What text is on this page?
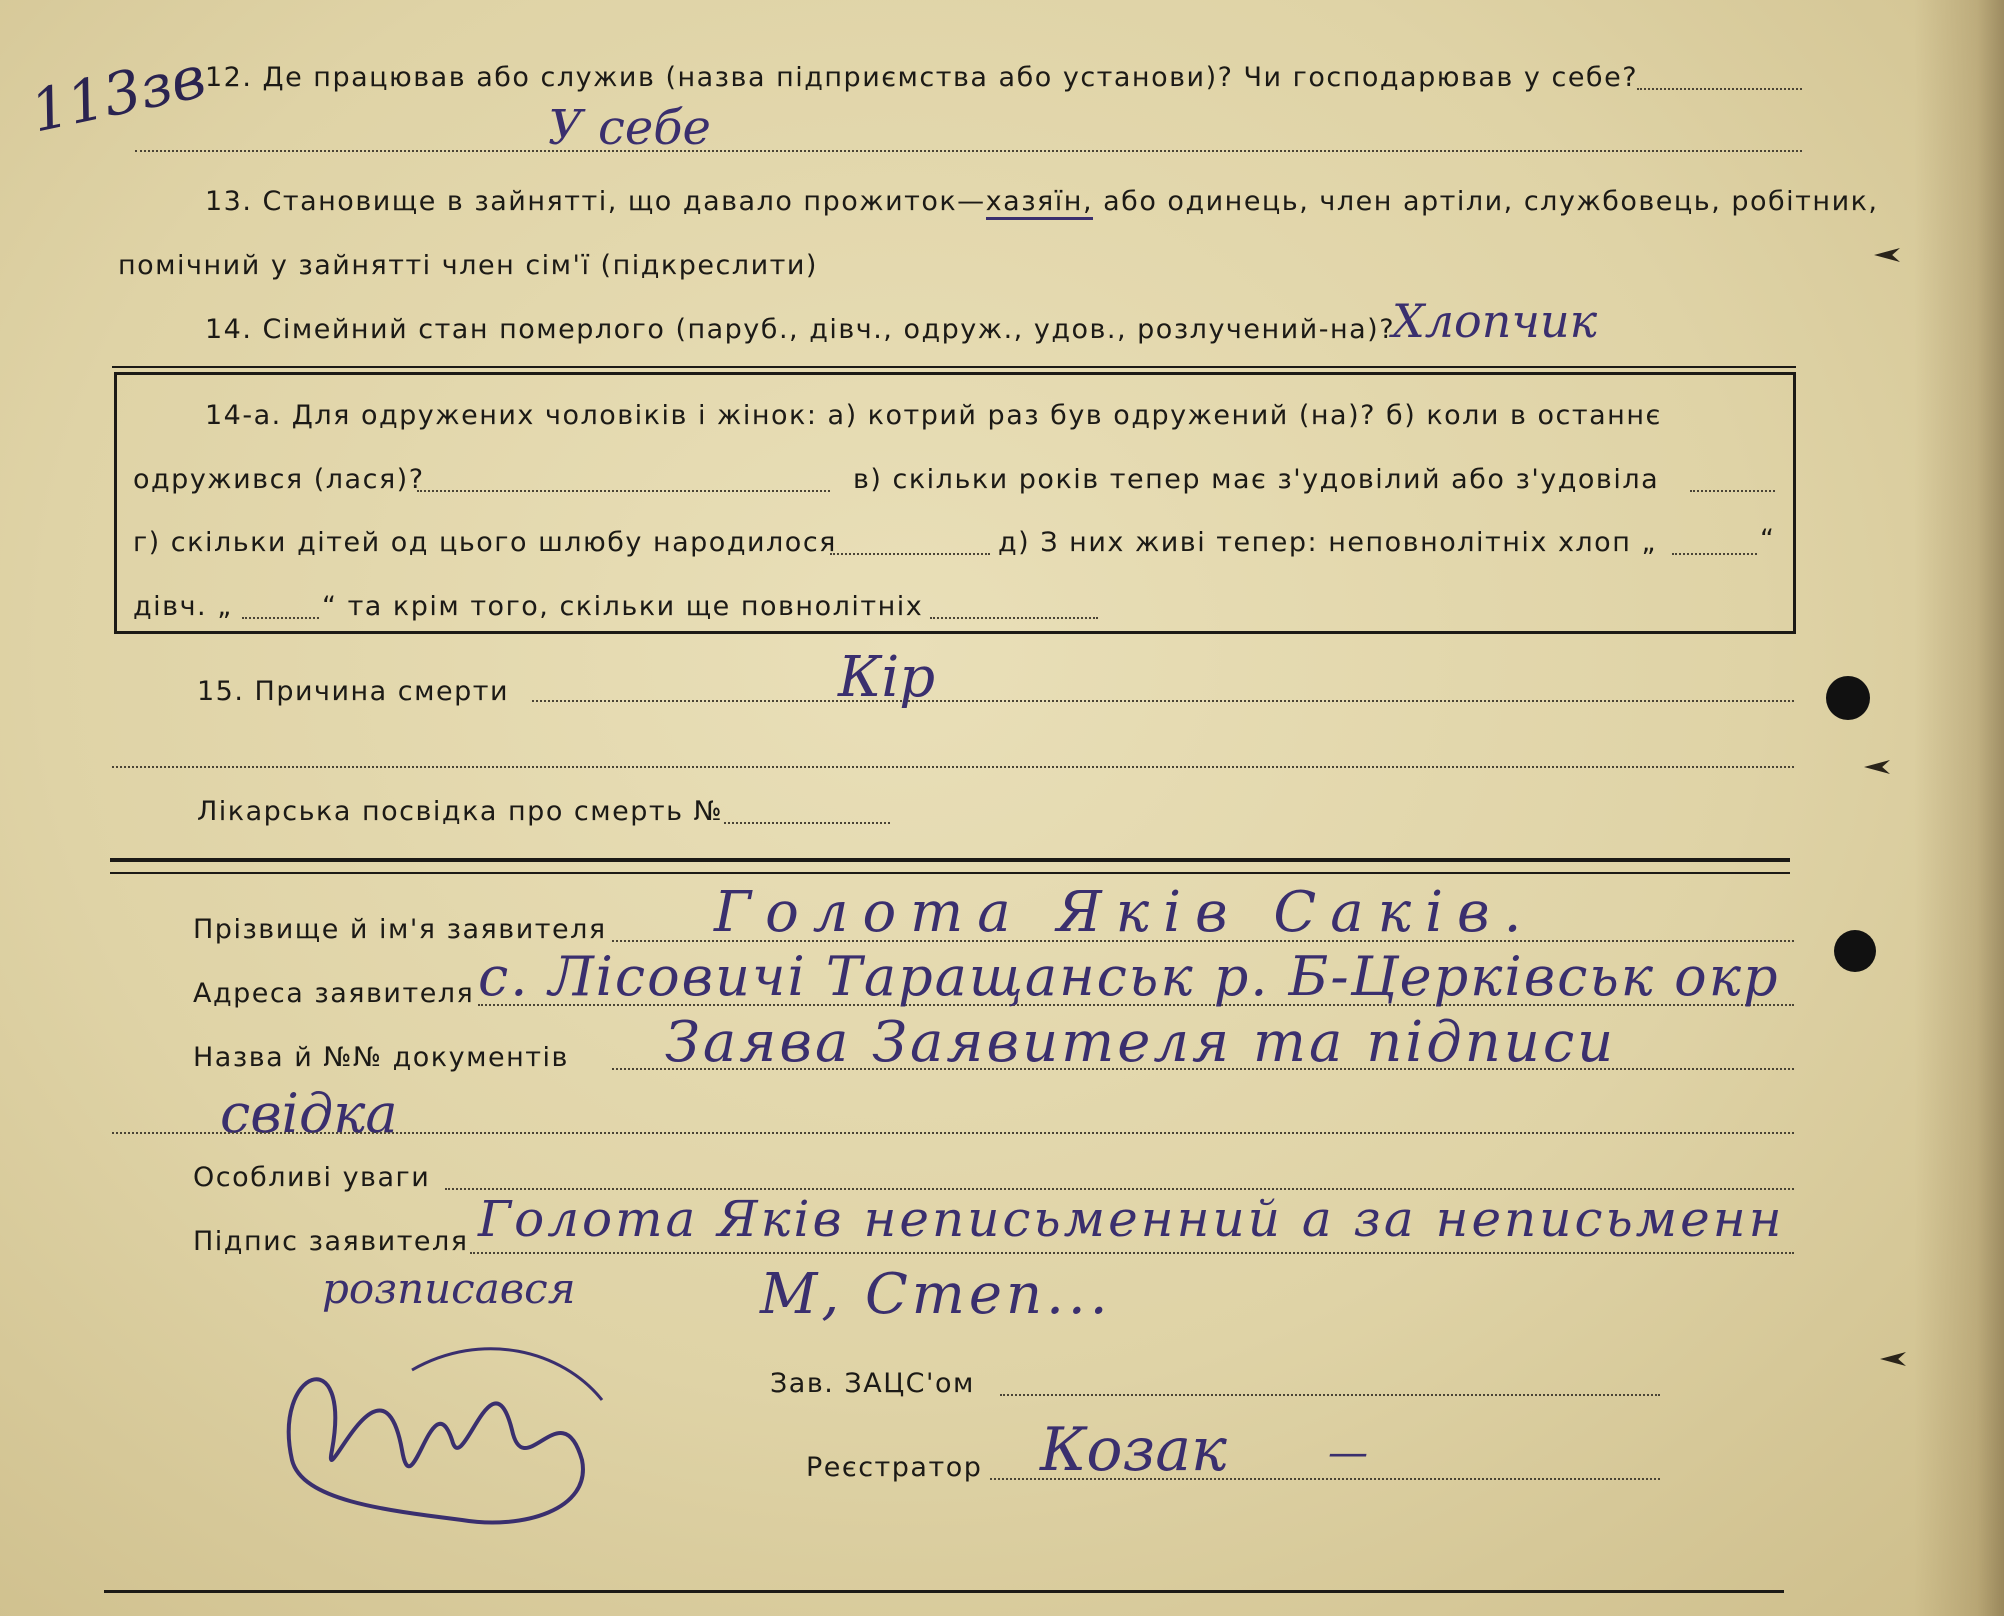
113зв
12. Де працював або служив (назва підприємства або установи)? Чи господарював у себе?
У себе
13. Становище в зайнятті, що давало прожиток—хазяїн, або одинець, член артіли, службовець, робітник,
помічний у зайнятті член сім'ї (підкреслити)
14. Сімейний стан померлого (паруб., дівч., одруж., удов., розлучений-на)?
Хлопчик
14-а. Для одружених чоловіків і жінок: а) котрий раз був одружений (на)? б) коли в останнє
одружився (лася)?	в) скільки років тепер має з'удовілий або з'удовіла
г) скільки дітей од цього шлюбу народилося	д) З них живі тепер: неповнолітніх хлоп „	“
дівч. „	“ та крім того, скільки ще повнолітніх
15. Причина смерти	Кір
Лікарська посвідка про смерть №
Прізвище й ім'я заявителя Голота Яків Саків.
Адреса заявителя с. Лісовичі Таращанськ р. Б-Церківськ окр
Назва й №№ документів Заява Заявителя та підписи
свідка
Особливі уваги
Підпис заявителя Голота Яків неписьменний а за неписьменн
М, Степ...
розписався
Зав. ЗАЦС'ом
Реєстратор Козак	—
